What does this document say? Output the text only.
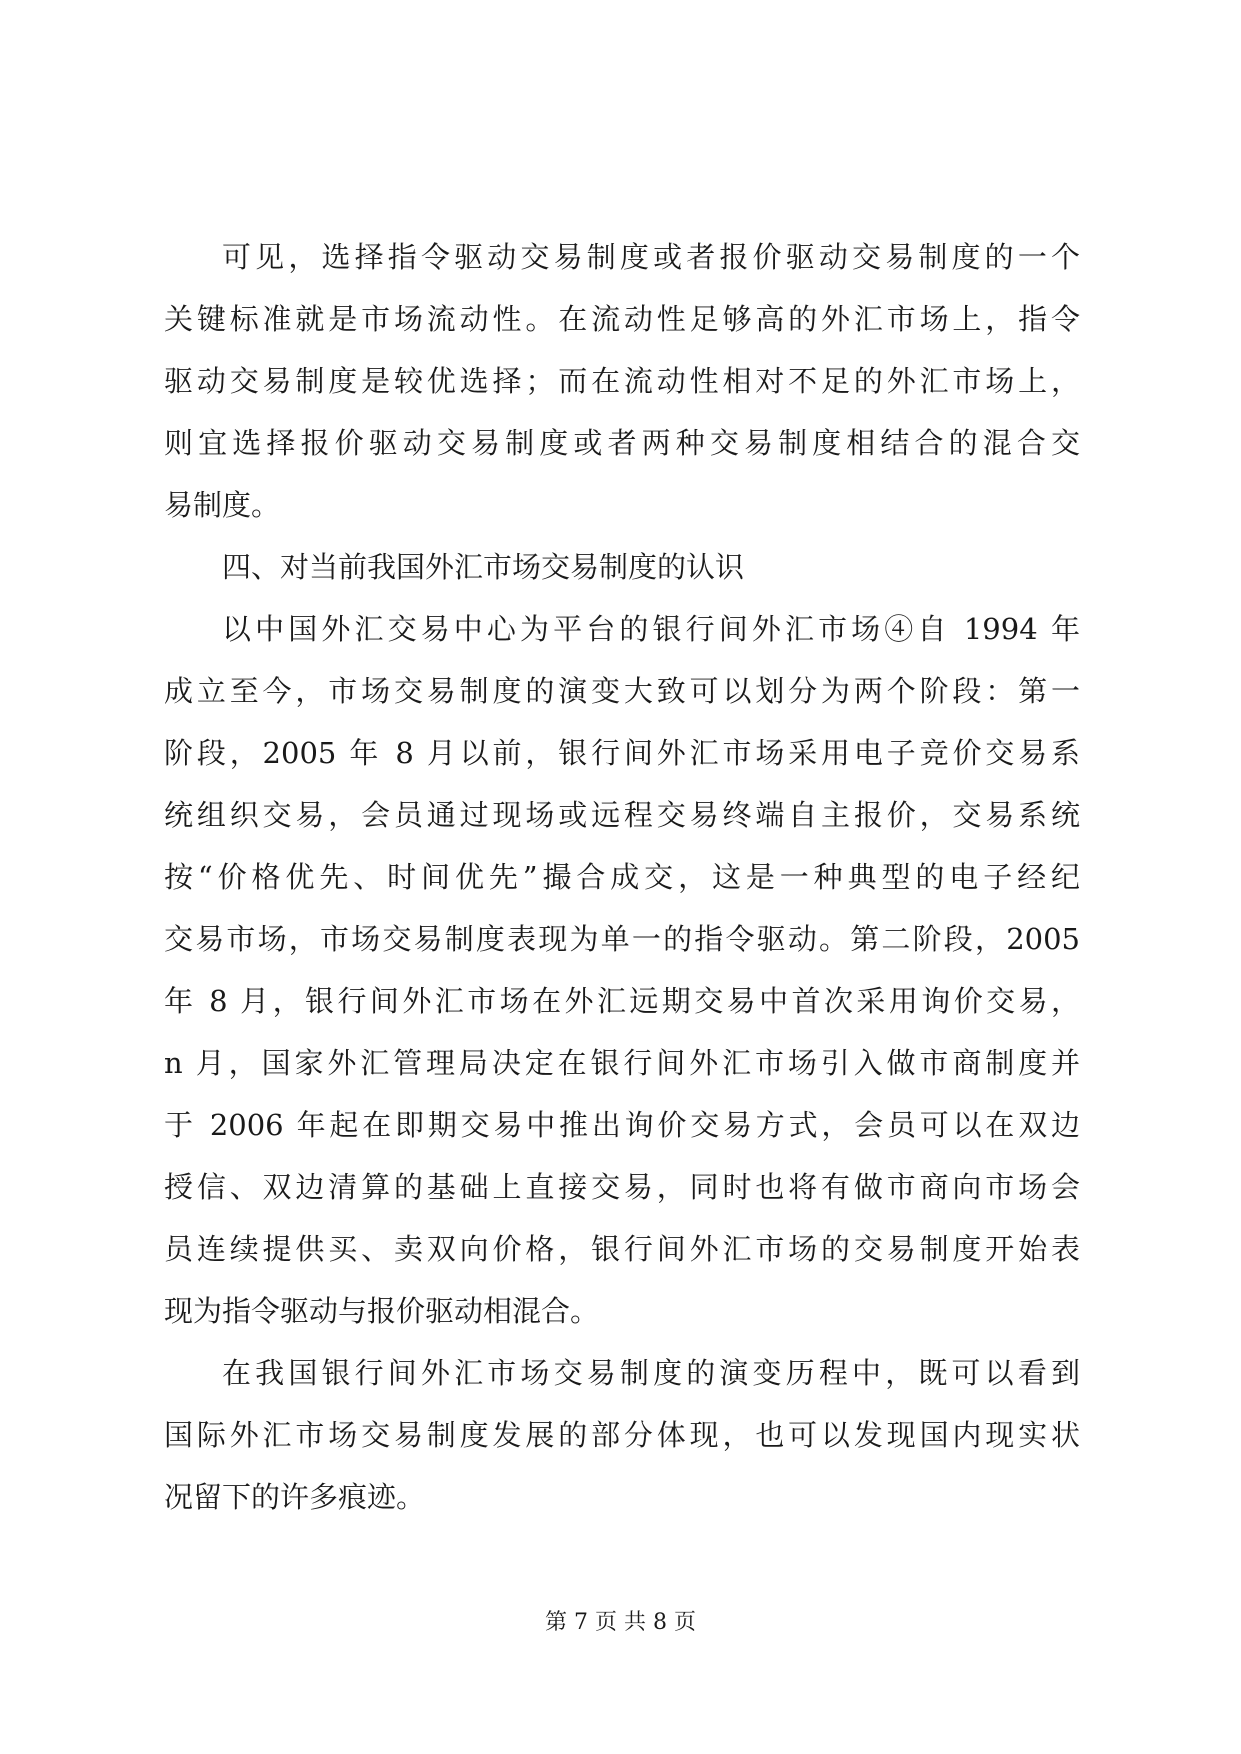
可见，选择指令驱动交易制度或者报价驱动交易制度的一个
关键标准就是市场流动性。在流动性足够高的外汇市场上，指令
驱动交易制度是较优选择；而在流动性相对不足的外汇市场上，
则宜选择报价驱动交易制度或者两种交易制度相结合的混合交
易制度。
四、对当前我国外汇市场交易制度的认识
以中国外汇交易中心为平台的银行间外汇市场④自 1994 年
成立至今，市场交易制度的演变大致可以划分为两个阶段：第一
阶段，2005 年 8 月以前，银行间外汇市场采用电子竞价交易系
统组织交易，会员通过现场或远程交易终端自主报价，交易系统
按“价格优先、时间优先”撮合成交，这是一种典型的电子经纪
交易市场，市场交易制度表现为单一的指令驱动。第二阶段，2005
年 8 月，银行间外汇市场在外汇远期交易中首次采用询价交易，
n 月，国家外汇管理局决定在银行间外汇市场引入做市商制度并
于 2006 年起在即期交易中推出询价交易方式，会员可以在双边
授信、双边清算的基础上直接交易，同时也将有做市商向市场会
员连续提供买、卖双向价格，银行间外汇市场的交易制度开始表
现为指令驱动与报价驱动相混合。
在我国银行间外汇市场交易制度的演变历程中，既可以看到
国际外汇市场交易制度发展的部分体现，也可以发现国内现实状
况留下的许多痕迹。
第 7 页 共 8 页
